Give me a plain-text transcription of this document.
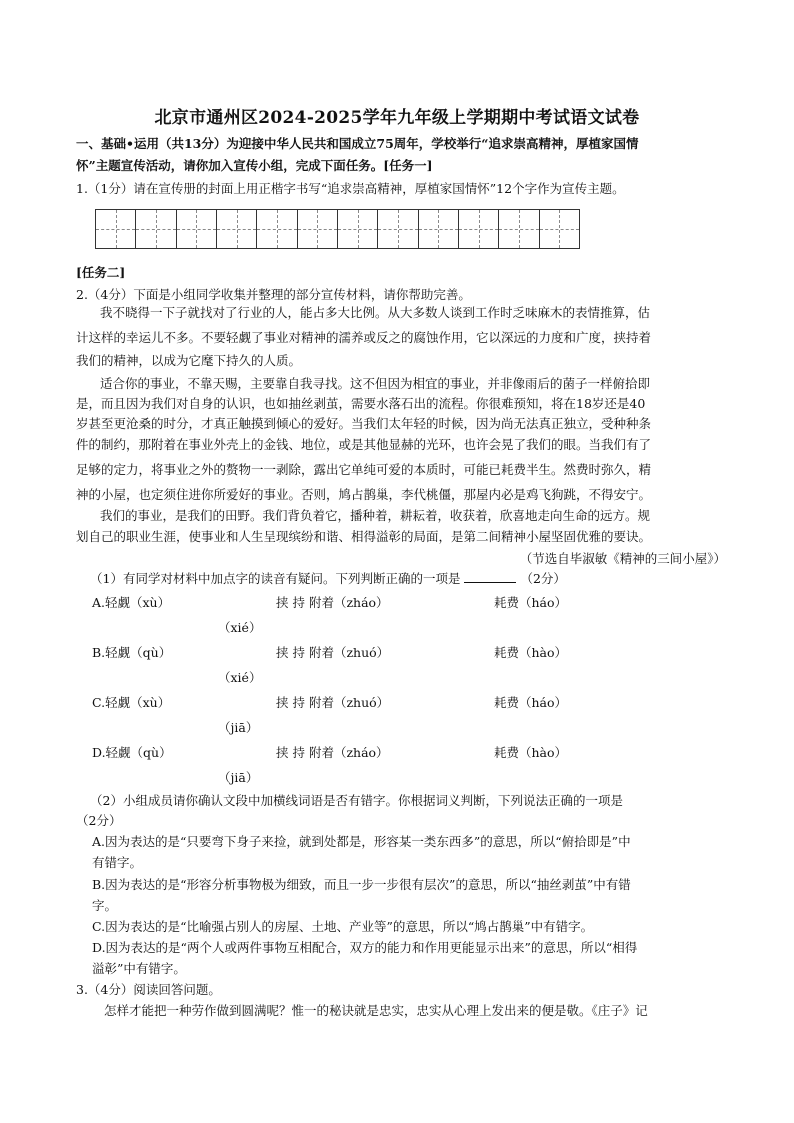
北京市通州区2024-2025学年九年级上学期期中考试语文试卷
一、基础•运用（共13分）为迎接中华人民共和国成立75周年，学校举行“追求崇高精神，厚植家国情
怀”主题宣传活动，请你加入宣传小组，完成下面任务。[任务一]
1.（1分）请在宣传册的封面上用正楷字书写“追求崇高精神，厚植家国情怀”12个字作为宣传主题。
[任务二]
2.（4分）下面是小组同学收集并整理的部分宣传材料，请你帮助完善。
我不晓得一下子就找对了行业的人，能占多大比例。从大多数人谈到工作时乏味麻木的表情推算，估
计这样的幸运儿不多。不要轻觑了事业对精神的濡养或反之的腐蚀作用，它以深远的力度和广度，挟持着
我们的精神，以成为它麾下持久的人质。
适合你的事业，不靠天赐，主要靠自我寻找。这不但因为相宜的事业，并非像雨后的菌子一样俯拾即
是，而且因为我们对自身的认识，也如抽丝剥茧，需要水落石出的流程。你很难预知，将在18岁还是40
岁甚至更沧桑的时分，才真正触摸到倾心的爱好。当我们太年轻的时候，因为尚无法真正独立，受种种条
件的制约，那附着在事业外壳上的金钱、地位，或是其他显赫的光环，也许会晃了我们的眼。当我们有了
足够的定力，将事业之外的赘物一一剥除，露出它单纯可爱的本质时，可能已耗费半生。然费时弥久，精
神的小屋，也定须住进你所爱好的事业。否则，鸠占鹊巢，李代桃僵，那屋内必是鸡飞狗跳，不得安宁。
我们的事业，是我们的田野。我们背负着它，播种着，耕耘着，收获着，欣喜地走向生命的远方。规
划自己的职业生涯，使事业和人生呈现缤纷和谐、相得溢彰的局面，是第二间精神小屋坚固优雅的要诀。
（节选自毕淑敏《精神的三间小屋》）
（1）有同学对材料中加点字的读音有疑问。下列判断正确的一项是	（2分）
A.轻觑（xù）	挟 持 附着（zháo）	耗费（háo）
（xié）
B.轻觑（qù）	挟 持 附着（zhuó）	耗费（hào）
（xié）
C.轻觑（xù）	挟 持 附着（zhuó）	耗费（háo）
（jiā）
D.轻觑（qù）	挟 持 附着（zháo）	耗费（hào）
（jiā）
（2）小组成员请你确认文段中加横线词语是否有错字。你根据词义判断，下列说法正确的一项是
（2分）
A.因为表达的是“只要弯下身子来捡，就到处都是，形容某一类东西多”的意思，所以“俯拾即是”中
有错字。
B.因为表达的是“形容分析事物极为细致，而且一步一步很有层次”的意思，所以“抽丝剥茧”中有错
字。
C.因为表达的是“比喻强占别人的房屋、土地、产业等”的意思，所以“鸠占鹊巢”中有错字。
D.因为表达的是“两个人或两件事物互相配合，双方的能力和作用更能显示出来”的意思，所以“相得
溢彰”中有错字。
3.（4分）阅读回答问题。
怎样才能把一种劳作做到圆满呢？惟一的秘诀就是忠实，忠实从心理上发出来的便是敬。《庄子》记
